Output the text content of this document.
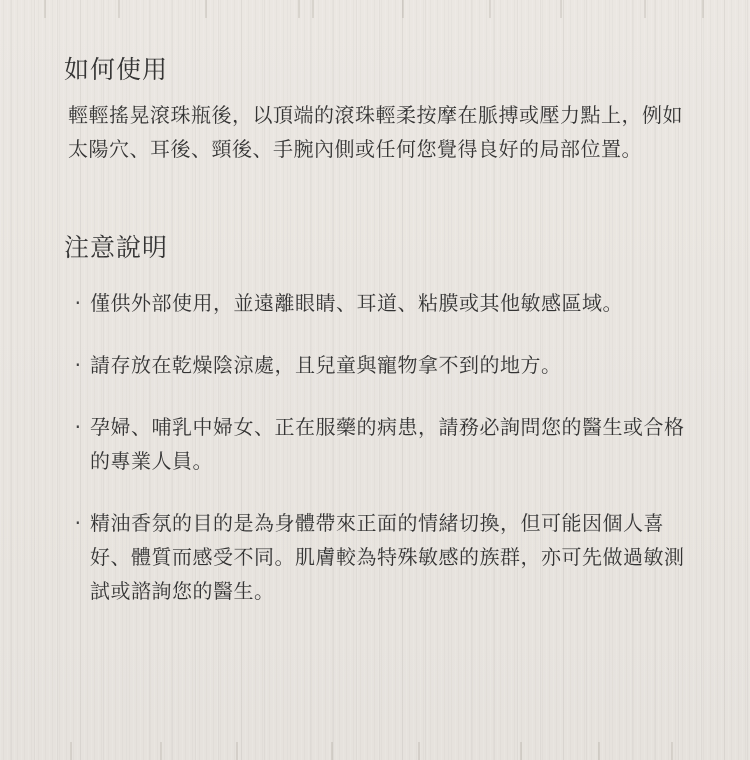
如何使用

輕輕搖晃滾珠瓶後，以頂端的滾珠輕柔按摩在脈搏或壓力點上，例如太陽穴、耳後、頸後、手腕內側或任何您覺得良好的局部位置。

注意說明
· 僅供外部使用，並遠離眼睛、耳道、粘膜或其他敏感區域。
· 請存放在乾燥陰涼處，且兒童與寵物拿不到的地方。
· 孕婦、哺乳中婦女、正在服藥的病患，請務必詢問您的醫生或合格的專業人員。
· 精油香氛的目的是為身體帶來正面的情緒切換，但可能因個人喜好、體質而感受不同。肌膚較為特殊敏感的族群，亦可先做過敏測試或諮詢您的醫生。
